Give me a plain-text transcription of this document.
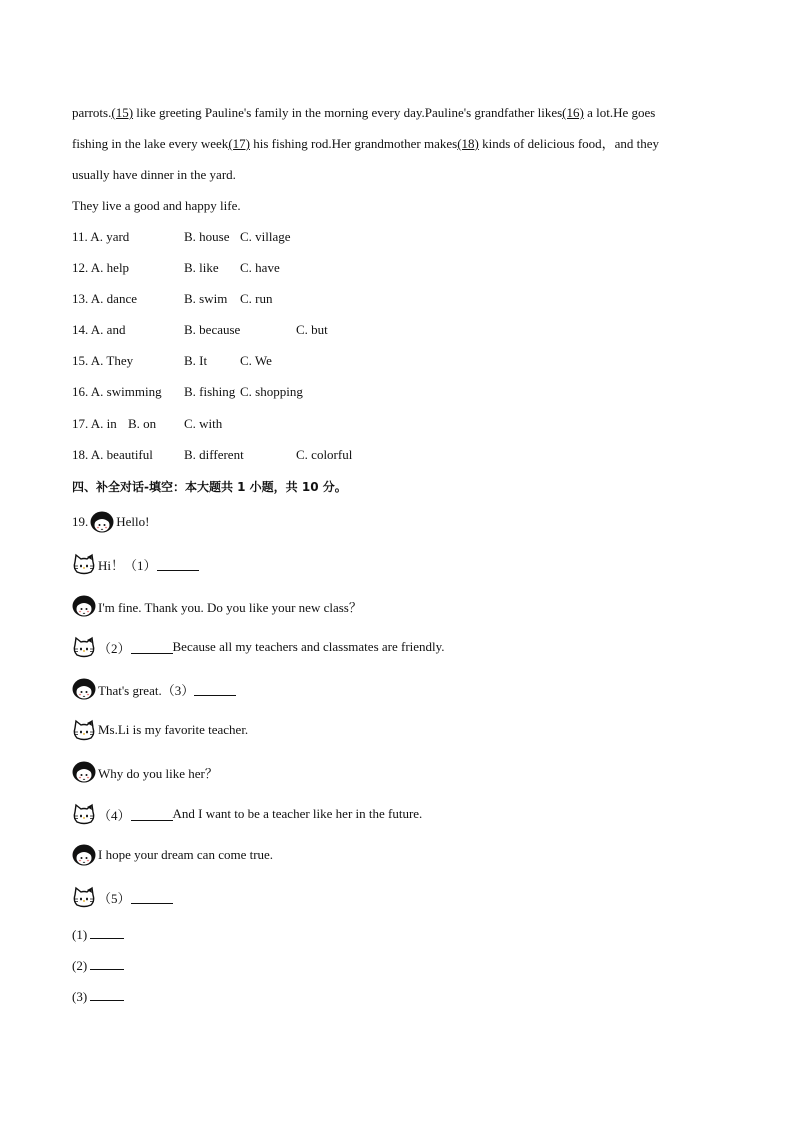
parrots.(15) like greeting Pauline's family in the morning every day.Pauline's grandfather likes(16) a lot.He goes
fishing in the lake every week(17) his fishing rod.Her grandmother makes(18) kinds of delicious food，and they
usually have dinner in the yard.
They live a good and happy life.
11. A. yard	B. house C. village
12. A. help	B. like C. have
13. A. dance	B. swim C. run
14. A. and	B. because	C. but
15. A. They	B. It	C. We
16. A. swimming B. fishing C. shopping
17. A. in B. on C. with
18. A. beautiful B. different	C. colorful
四、补全对话-填空：本大题共 1 小题，共 10 分。
19. Hello!
Hi！（1）
I'm fine. Thank you. Do you like your new class？
（2）	Because all my teachers and classmates are friendly.
That's great.（3）
Ms.Li is my favorite teacher.
Why do you like her？
（4）	And I want to be a teacher like her in the future.
I hope your dream can come true.
（5）
(1)
(2)
(3)
